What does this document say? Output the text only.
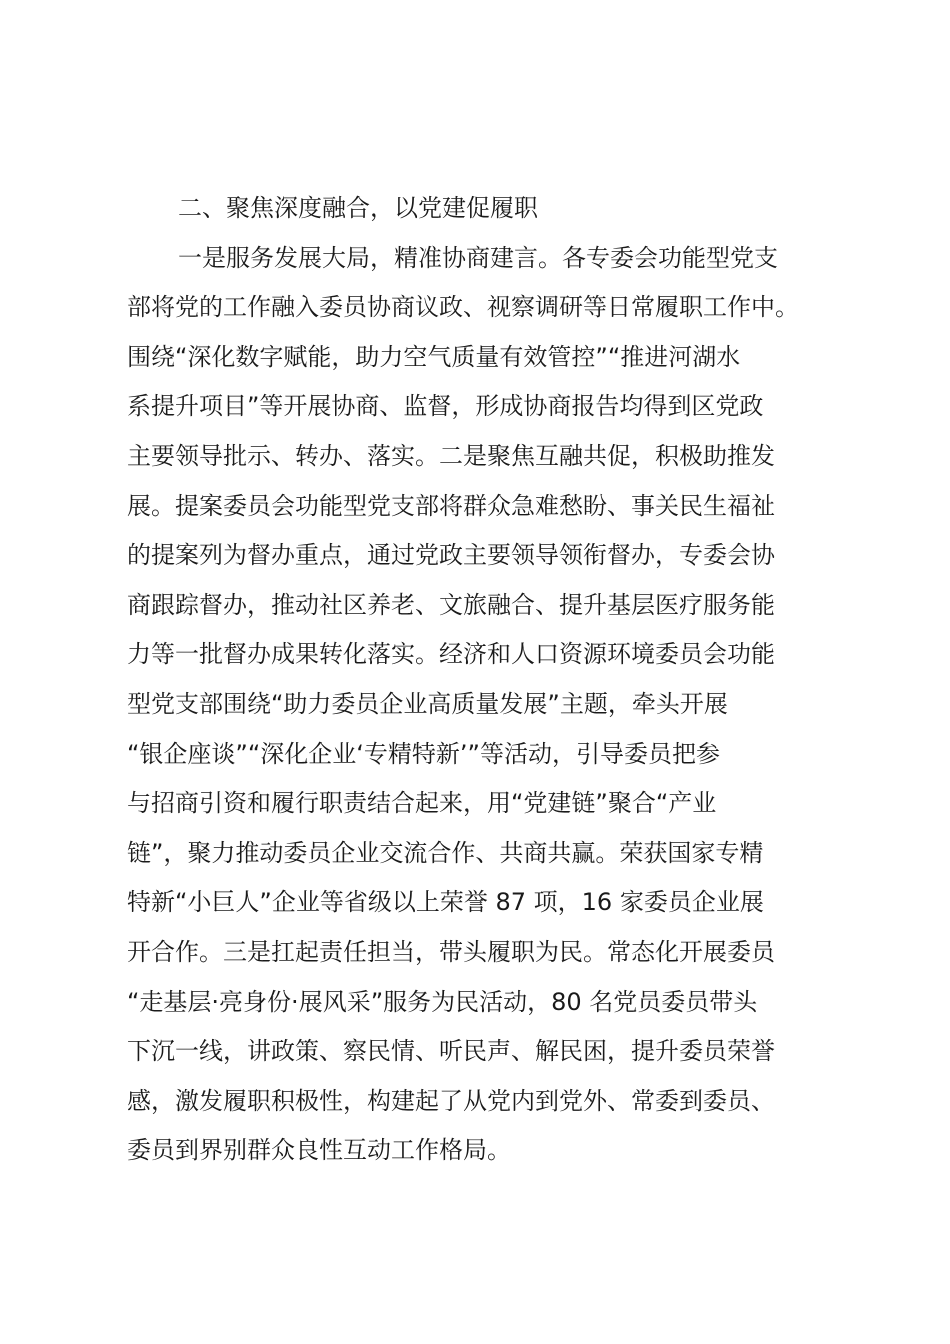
二、聚焦深度融合，以党建促履职
一是服务发展大局，精准协商建言。各专委会功能型党支
部将党的工作融入委员协商议政、视察调研等日常履职工作中。
围绕“深化数字赋能，助力空气质量有效管控”“推进河湖水
系提升项目”等开展协商、监督，形成协商报告均得到区党政
主要领导批示、转办、落实。二是聚焦互融共促，积极助推发
展。提案委员会功能型党支部将群众急难愁盼、事关民生福祉
的提案列为督办重点，通过党政主要领导领衔督办，专委会协
商跟踪督办，推动社区养老、文旅融合、提升基层医疗服务能
力等一批督办成果转化落实。经济和人口资源环境委员会功能
型党支部围绕“助力委员企业高质量发展”主题，牵头开展
“银企座谈”“深化企业‘专精特新’”等活动，引导委员把参
与招商引资和履行职责结合起来，用“党建链”聚合“产业
链”，聚力推动委员企业交流合作、共商共赢。荣获国家专精
特新“小巨人”企业等省级以上荣誉 87 项，16 家委员企业展
开合作。三是扛起责任担当，带头履职为民。常态化开展委员
“走基层·亮身份·展风采”服务为民活动，80 名党员委员带头
下沉一线，讲政策、察民情、听民声、解民困，提升委员荣誉
感，激发履职积极性，构建起了从党内到党外、常委到委员、
委员到界别群众良性互动工作格局。
